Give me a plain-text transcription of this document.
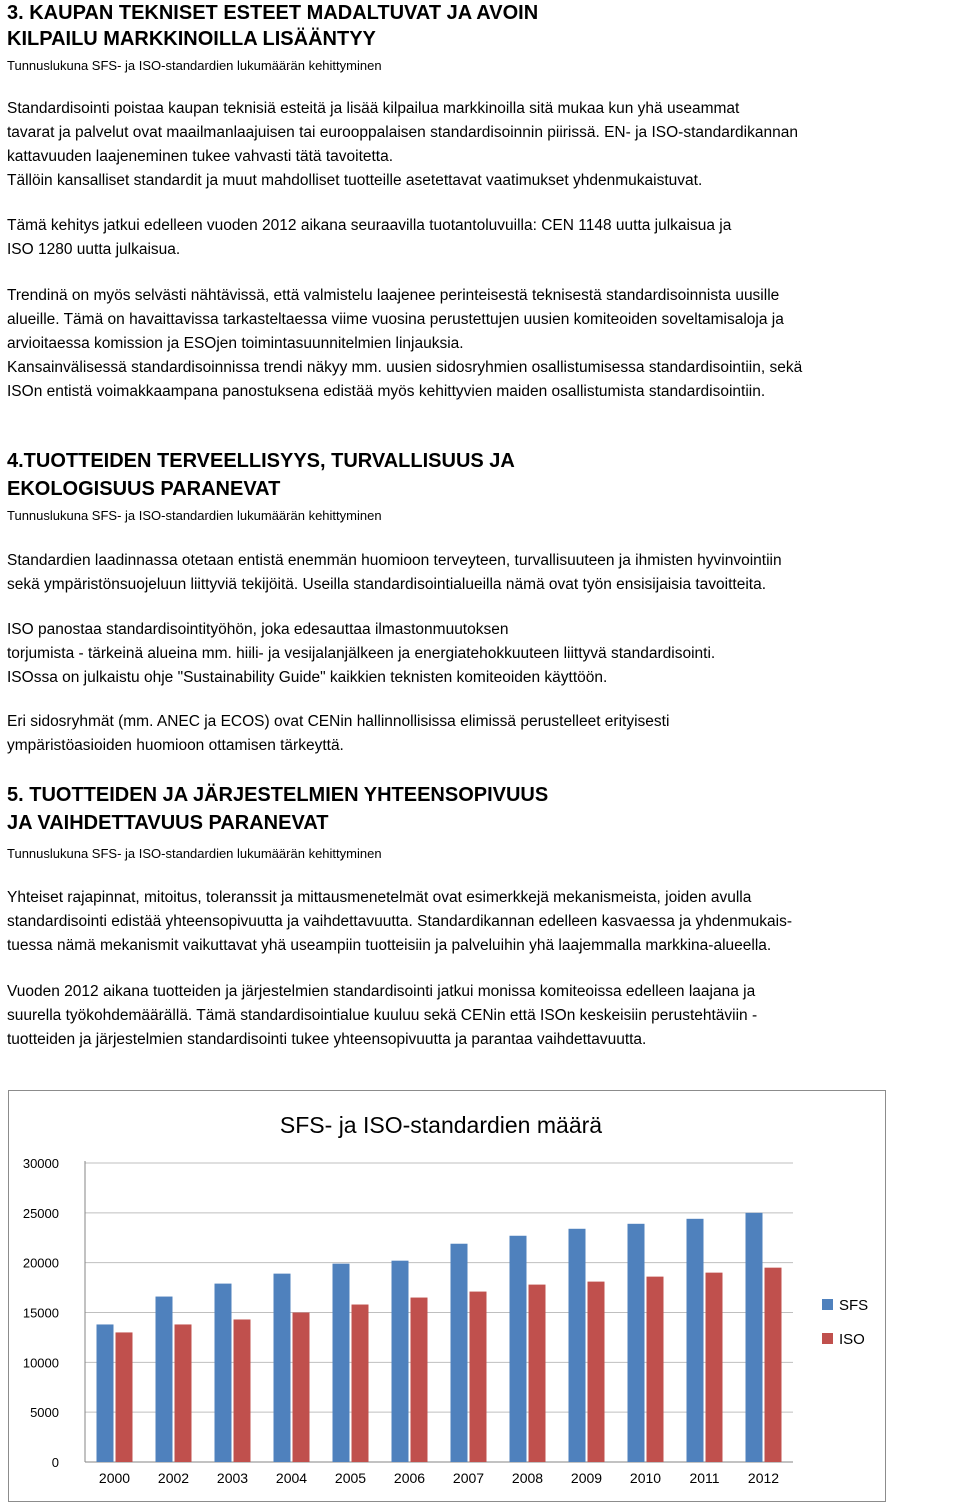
3. KAUPAN TEKNISET ESTEET MADALTUVAT JA AVOIN
KILPAILU MARKKINOILLA LISÄÄNTYY

Tunnuslukuna SFS- ja ISO-standardien lukumäärän kehittyminen

Standardisointi poistaa kaupan teknisiä esteitä ja lisää kilpailua markkinoilla sitä mukaa kun yhä useammat
tavarat ja palvelut ovat maailmanlaajuisen tai eurooppalaisen standardisoinnin piirissä. EN- ja ISO-standardikannan
kattavuuden laajeneminen tukee vahvasti tätä tavoitetta.
Tällöin kansalliset standardit ja muut mahdolliset tuotteille asetettavat vaatimukset yhdenmukaistuvat.

Tämä kehitys jatkui edelleen vuoden 2012 aikana seuraavilla tuotantoluvuilla: CEN 1148 uutta julkaisua ja
ISO 1280 uutta julkaisua.

Trendinä on myös selvästi nähtävissä, että valmistelu laajenee perinteisestä teknisestä standardisoinnista uusille
alueille. Tämä on havaittavissa tarkasteltaessa viime vuosina perustettujen uusien komiteoiden soveltamisaloja ja
arvioitaessa komission ja ESOjen toimintasuunnitelmien linjauksia.
Kansainvälisessä standardisoinnissa trendi näkyy mm. uusien sidosryhmien osallistumisessa standardisointiin, sekä
ISOn entistä voimakkaampana panostuksena edistää myös kehittyvien maiden osallistumista standardisointiin.

4.TUOTTEIDEN TERVEELLISYYS, TURVALLISUUS JA
EKOLOGISUUS PARANEVAT

Tunnuslukuna SFS- ja ISO-standardien lukumäärän kehittyminen

Standardien laadinnassa otetaan entistä enemmän huomioon terveyteen, turvallisuuteen ja ihmisten hyvinvointiin
sekä ympäristönsuojeluun liittyviä tekijöitä. Useilla standardisointialueilla nämä ovat työn ensisijaisia tavoitteita.

ISO panostaa standardisointityöhön, joka edesauttaa ilmastonmuutoksen
torjumista - tärkeinä alueina mm. hiili- ja vesijalanjälkeen ja energiatehokkuuteen liittyvä standardisointi.
ISOssa on julkaistu ohje "Sustainability Guide" kaikkien teknisten komiteoiden käyttöön.

Eri sidosryhmät (mm. ANEC ja ECOS) ovat CENin hallinnollisissa elimissä perustelleet erityisesti
ympäristöasioiden huomioon ottamisen tärkeyttä.

5. TUOTTEIDEN JA JÄRJESTELMIEN YHTEENSOPIVUUS
JA VAIHDETTAVUUS PARANEVAT

Tunnuslukuna SFS- ja ISO-standardien lukumäärän kehittyminen

Yhteiset rajapinnat, mitoitus, toleranssit ja mittausmenetelmät ovat esimerkkejä mekanismeista, joiden avulla
standardisointi edistää yhteensopivuutta ja vaihdettavuutta. Standardikannan edelleen kasvaessa ja yhdenmukais-
tuessa nämä mekanismit vaikuttavat yhä useampiin tuotteisiin ja palveluihin yhä laajemmalla markkina-alueella.

Vuoden 2012 aikana tuotteiden ja järjestelmien standardisointi jatkui monissa komiteoissa edelleen laajana ja
suurella työkohdemäärällä. Tämä standardisointialue kuuluu sekä CENin että ISOn keskeisiin perustehtäviin -
tuotteiden ja järjestelmien standardisointi tukee yhteensopivuutta ja parantaa vaihdettavuutta.

SFS- ja ISO-standardien määrä
0
5000
10000
15000
20000
25000
30000
2000 2002 2003 2004 2005 2006 2007 2008 2009 2010 2011 2012
SFS
ISO
